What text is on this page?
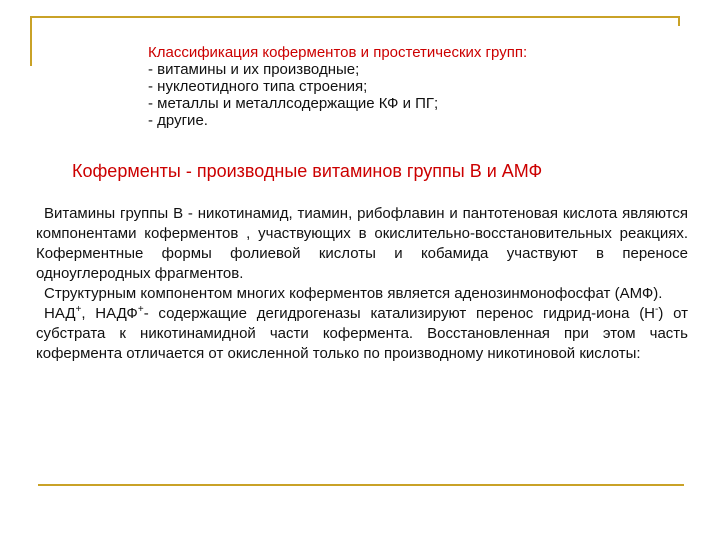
Классификация коферментов и простетических групп:
- витамины и их производные;
- нуклеотидного типа строения;
- металлы и металлсодержащие КФ и ПГ;
- другие.
Коферменты - производные витаминов группы В и АМФ

Витамины группы В - никотинамид, тиамин, рибофлавин и пантотеновая кислота являются компонентами коферментов , участвующих в окислительно-восстановительных реакциях. Коферментные формы фолиевой кислоты и кобамида участвуют в переносе одноуглеродных фрагментов.

Структурным компонентом многих коферментов является аденозинмонофосфат (АМФ).

НАД+, НАДФ+- содержащие дегидрогеназы катализируют перенос гидрид-иона (Н-) от субстрата к никотинамидной части кофермента. Восстановленная при этом часть кофермента отличается от окисленной только по производному никотиновой кислоты:
